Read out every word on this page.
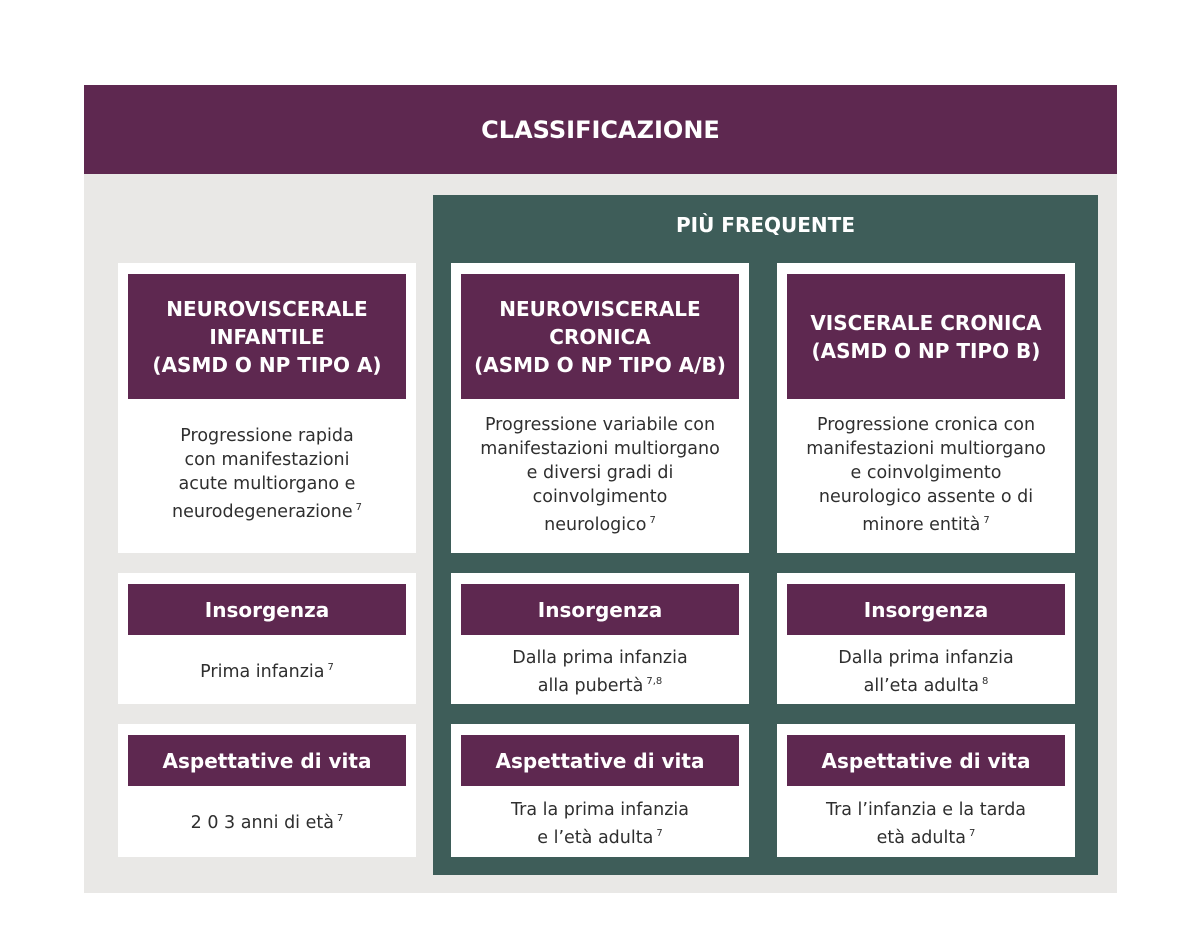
CLASSIFICAZIONE
PIÙ FREQUENTE
NEUROVISCERALE
INFANTILE
(ASMD O NP TIPO A)
Progressione rapida
con manifestazioni
acute multiorgano e
neurodegenerazione $^7$
Insorgenza
Prima infanzia $^7$
Aspettative di vita
2 0 3 anni di età $^7$
NEUROVISCERALE
CRONICA
(ASMD O NP TIPO A/B)
Progressione variabile con
manifestazioni multiorgano
e diversi gradi di
coinvolgimento
neurologico $^7$
Insorgenza
Dalla prima infanzia
alla pubertà $^{7,8}$
Aspettative di vita
Tra la prima infanzia
e l’età adulta $^7$
VISCERALE CRONICA
(ASMD O NP TIPO B)
Progressione cronica con
manifestazioni multiorgano
e coinvolgimento
neurologico assente o di
minore entità $^7$
Insorgenza
Dalla prima infanzia
all’eta adulta $^8$
Aspettative di vita
Tra l’infanzia e la tarda
età adulta $^7$
